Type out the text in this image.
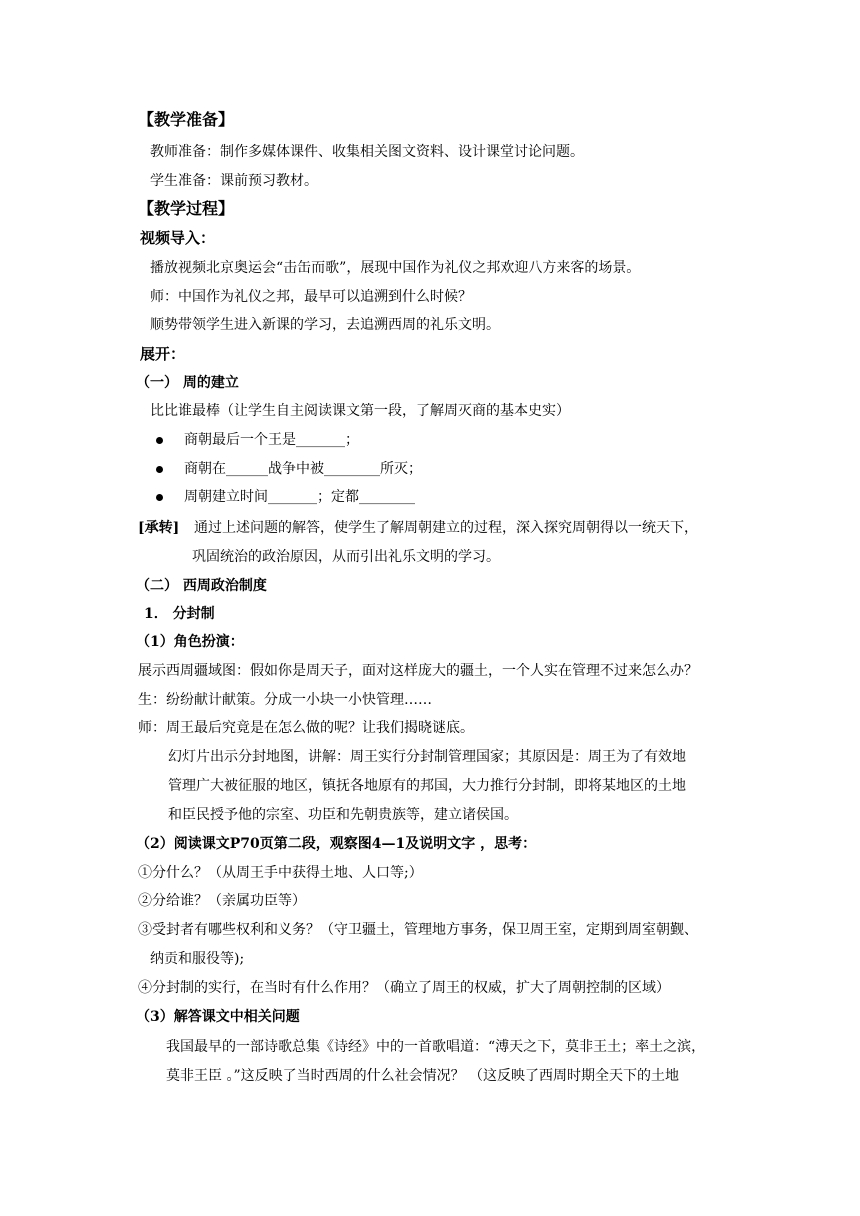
【教学准备】
教师准备：制作多媒体课件、收集相关图文资料、设计课堂讨论问题。
学生准备：课前预习教材。
【教学过程】
视频导入：
播放视频北京奥运会“击缶而歌”，展现中国作为礼仪之邦欢迎八方来客的场景。
师：中国作为礼仪之邦，最早可以追溯到什么时候？
顺势带领学生进入新课的学习，去追溯西周的礼乐文明。
展开：
（一） 周的建立
比比谁最棒（让学生自主阅读课文第一段，了解周灭商的基本史实）
商朝最后一个王是_______；
商朝在______战争中被________所灭；
周朝建立时间_______；定都________
[承转] 通过上述问题的解答，使学生了解周朝建立的过程，深入探究周朝得以一统天下，
巩固统治的政治原因，从而引出礼乐文明的学习。
（二） 西周政治制度
1． 分封制
（1）角色扮演：
展示西周疆域图：假如你是周天子，面对这样庞大的疆土，一个人实在管理不过来怎么办？
生：纷纷献计献策。分成一小块一小快管理……
师：周王最后究竟是在怎么做的呢？让我们揭晓谜底。
幻灯片出示分封地图，讲解：周王实行分封制管理国家；其原因是：周王为了有效地
管理广大被征服的地区，镇抚各地原有的邦国，大力推行分封制，即将某地区的土地
和臣民授予他的宗室、功臣和先朝贵族等，建立诸侯国。
（2）阅读课文P70页第二段，观察图4—1及说明文字 ，思考：
①分什么？（从周王手中获得土地、人口等;）
②分给谁？（亲属功臣等）
③受封者有哪些权利和义务？（守卫疆土，管理地方事务，保卫周王室，定期到周室朝觐、
纳贡和服役等);
④分封制的实行，在当时有什么作用？（确立了周王的权威，扩大了周朝控制的区域）
（3）解答课文中相关问题
我国最早的一部诗歌总集《诗经》中的一首歌唱道：“溥天之下，莫非王土；率土之滨，
莫非王臣 。”这反映了当时西周的什么社会情况？ （这反映了西周时期全天下的土地
